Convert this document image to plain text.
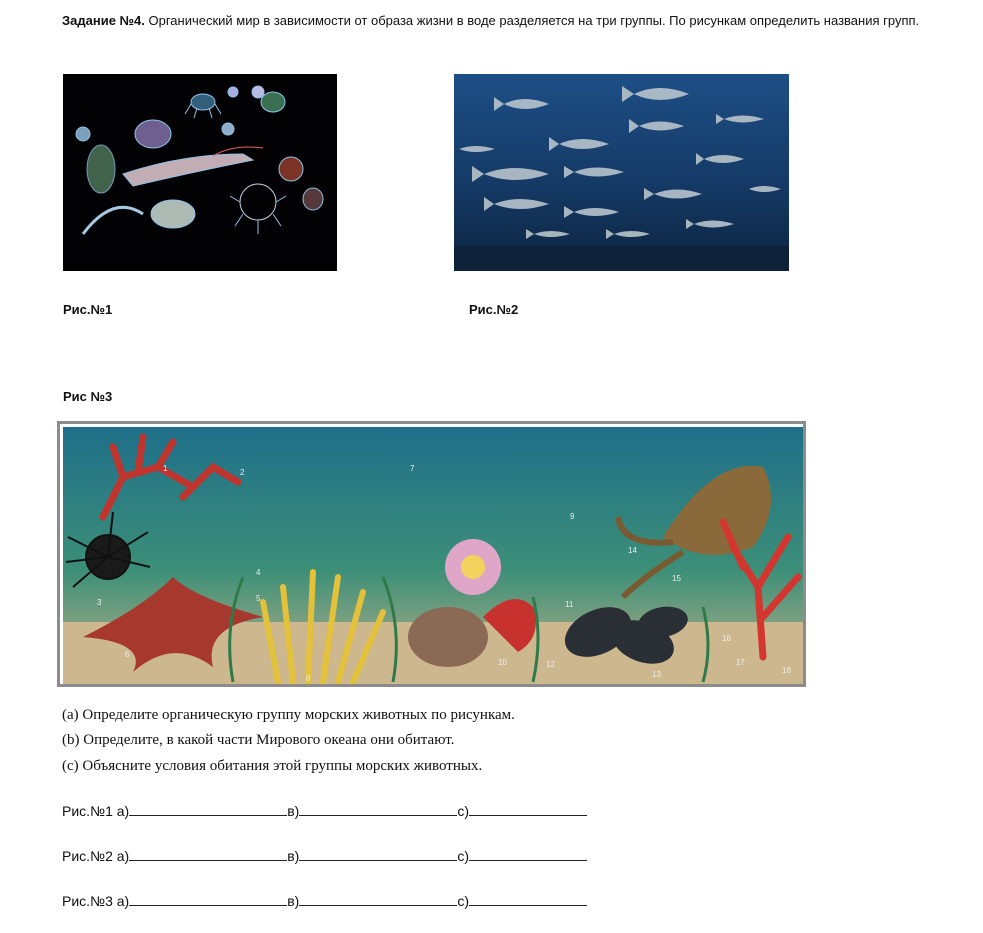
Задание №4. Органический мир в зависимости от образа жизни в воде разделяется на три группы. По рисункам определить названия групп.
Рис.№1	Рис.№2
Рис №3
(a) Определите органическую группу морских животных по рисункам.
(b) Определите, в какой части Мирового океана они обитают.
(c) Объясните условия обитания этой группы морских животных.
Рис.№1 а)	в)	с)
Рис.№2 а)	в)	с)
Рис.№3 а)	в)	с)
2
1	7
9
3
4
5
6
8
10
11
12
13
14
15
16
17
18
